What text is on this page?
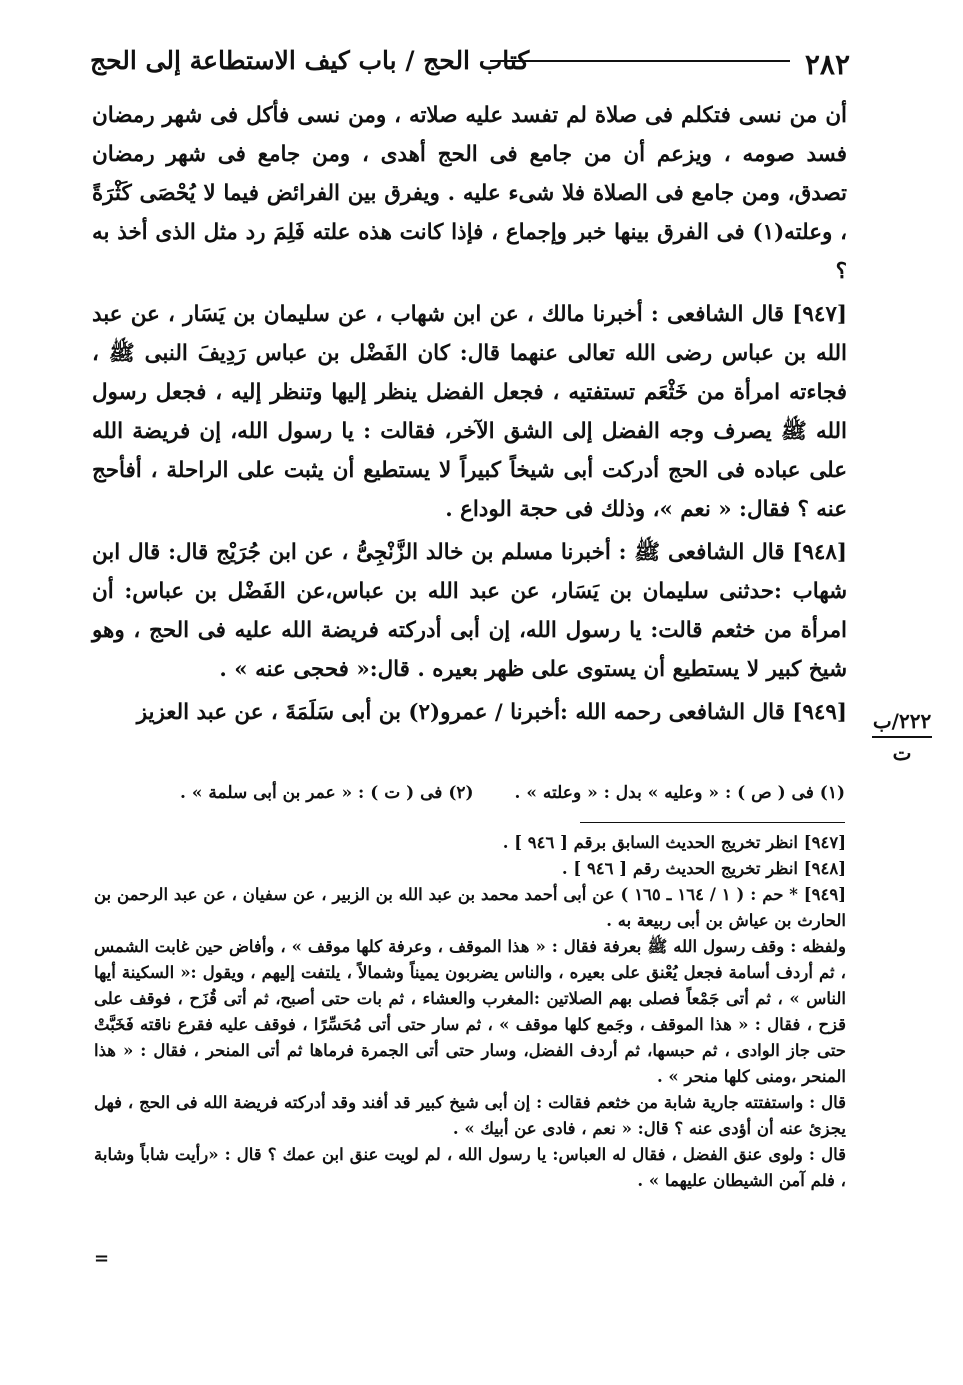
٢٨٢
كتاب الحج / باب كيف الاستطاعة إلى الحج

أن من نسى فتكلم فى صلاة لم تفسد عليه صلاته ، ومن نسى فأكل فى شهر رمضان فسد صومه ، ويزعم أن من جامع فى الحج أهدى ، ومن جامع فى شهر رمضان تصدق، ومن جامع فى الصلاة فلا شىء عليه . ويفرق بين الفرائض فيما لا يُحْصَى كَثْرَةً ، وعلته(١) فى الفرق بينها خبر وإجماع ، فإذا كانت هذه علته فَلِمَ رد مثل الذى أخذ به ؟

[٩٤٧] قال الشافعى : أخبرنا مالك ، عن ابن شهاب ، عن سليمان بن يَسَار ، عن عبد الله بن عباس رضى الله تعالى عنهما قال: كان الفَضْل بن عباس رَدِيفَ النبى ﷺ ، فجاءته امرأة من خَثْعَم تستفتيه ، فجعل الفضل ينظر إليها وتنظر إليه ، فجعل رسول الله ﷺ يصرف وجه الفضل إلى الشق الآخر، فقالت : يا رسول الله، إن فريضة الله على عباده فى الحج أدركت أبى شيخاً كبيراً لا يستطيع أن يثبت على الراحلة ، أفأحج عنه ؟ فقال: « نعم »، وذلك فى حجة الوداع .

[٩٤٨] قال الشافعى ﷺ : أخبرنا مسلم بن خالد الزَّنْجِىُّ ، عن ابن جُرَيْج قال: قال ابن شهاب :حدثنى سليمان بن يَسَار، عن عبد الله بن عباس،عن الفَضْل بن عباس: أن امرأة من خثعم قالت: يا رسول الله، إن أبى أدركته فريضة الله عليه فى الحج ، وهو شيخ كبير لا يستطيع أن يستوى على ظهر بعيره . قال:« فحجى عنه » .

[٩٤٩] قال الشافعى رحمه الله :أخبرنا / عمرو(٢) بن أبى سَلَمَةَ ، عن عبد العزيز	٢٢٢/ب
ت
(١) فى ( ص ) : « وعليه » بدل : « وعلته » .
(٢) فى ( ت ) : « عمر بن أبى سلمة » .

[٩٤٧] انظر تخريج الحديث السابق برقم [ ٩٤٦ ] .

[٩٤٨] انظر تخريج الحديث رقم [ ٩٤٦ ] .

[٩٤٩] * حم : ( ١ / ١٦٤ ـ ١٦٥ ) عن أبى أحمد محمد بن عبد الله بن الزبير ، عن سفيان ، عن عبد الرحمن بن الحارث بن عياش بن أبى ربيعة به .

ولفظه : وقف رسول الله ﷺ بعرفة فقال : « هذا الموقف ، وعرفة كلها موقف » ، وأفاض حين غابت الشمس ، ثم أردف أسامة فجعل يُعْنق على بعيره ، والناس يضربون يميناً وشمالاً ، يلتفت إليهم ، ويقول :« السكينة أيها الناس » ، ثم أتى جَمْعاً فصلى بهم الصلاتين :المغرب والعشاء ، ثم بات حتى أصبح، ثم أتى قُزَح ، فوقف على قزح ، فقال : « هذا الموقف ، وجَمع كلها موقف » ، ثم سار حتى أتى مُحَسِّرًا ، فوقف عليه فقرع ناقته فَخَبَّتْ حتى جاز الوادى ، ثم حبسها، ثم أردف الفضل، وسار حتى أتى الجمرة فرماها ثم أتى المنحر ، فقال : « هذا المنحر ،ومنى كلها منحر » .

قال : واستفتته جارية شابة من خثعم فقالت : إن أبى شيخ كبير قد أفند وقد أدركته فريضة الله فى الحج ، فهل يجزئ عنه أن أؤدى عنه ؟ قال: « نعم ، فادى عن أبيك » .

قال : ولوى عنق الفضل ، فقال له العباس: يا رسول الله ، لم لويت عنق ابن عمك ؟ قال : «رأيت شاباً وشابة ، فلم آمن الشيطان عليهما » .

=
